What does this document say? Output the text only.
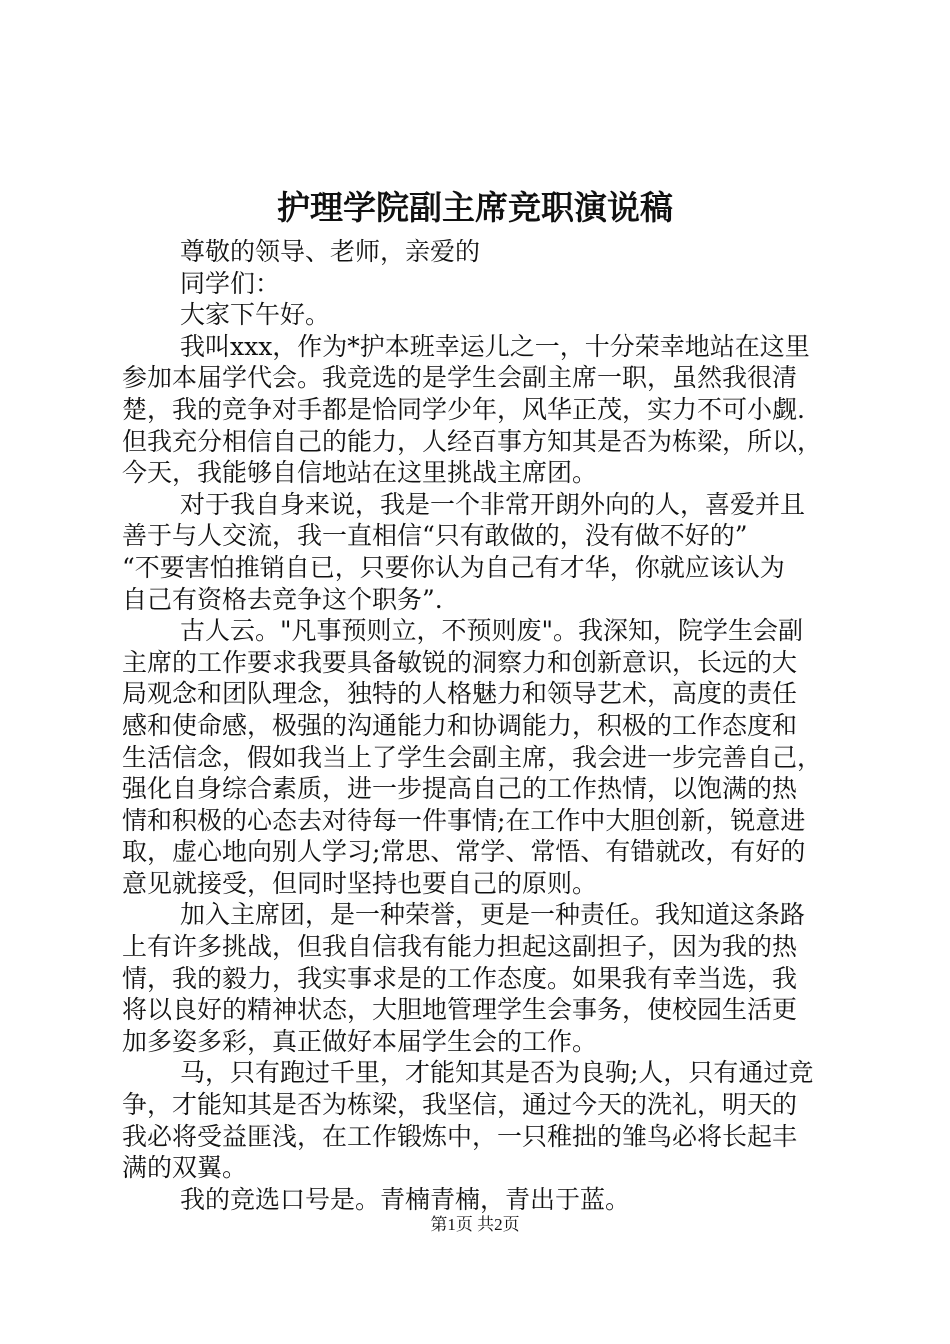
护理学院副主席竞职演说稿
尊敬的领导、老师，亲爱的
同学们：
大家下午好。
我叫xxx，作为*护本班幸运儿之一，十分荣幸地站在这里
参加本届学代会。我竞选的是学生会副主席一职，虽然我很清
楚，我的竞争对手都是恰同学少年，风华正茂，实力不可小觑.
但我充分相信自己的能力，人经百事方知其是否为栋梁，所以，
今天，我能够自信地站在这里挑战主席团。
对于我自身来说，我是一个非常开朗外向的人，喜爱并且
善于与人交流，我一直相信“只有敢做的，没有做不好的”
“不要害怕推销自已，只要你认为自己有才华，你就应该认为
自己有资格去竞争这个职务”.
古人云。"凡事预则立，不预则废"。我深知，院学生会副
主席的工作要求我要具备敏锐的洞察力和创新意识，长远的大
局观念和团队理念，独特的人格魅力和领导艺术，高度的责任
感和使命感，极强的沟通能力和协调能力，积极的工作态度和
生活信念，假如我当上了学生会副主席，我会进一步完善自己，
强化自身综合素质，进一步提高自己的工作热情，以饱满的热
情和积极的心态去对待每一件事情;在工作中大胆创新，锐意进
取，虚心地向别人学习;常思、常学、常悟、有错就改，有好的
意见就接受，但同时坚持也要自己的原则。
加入主席团，是一种荣誉，更是一种责任。我知道这条路
上有许多挑战，但我自信我有能力担起这副担子，因为我的热
情，我的毅力，我实事求是的工作态度。如果我有幸当选，我
将以良好的精神状态，大胆地管理学生会事务，使校园生活更
加多姿多彩，真正做好本届学生会的工作。
马，只有跑过千里，才能知其是否为良驹;人，只有通过竞
争，才能知其是否为栋梁，我坚信，通过今天的洗礼，明天的
我必将受益匪浅，在工作锻炼中，一只稚拙的雏鸟必将长起丰
满的双翼。
我的竞选口号是。青楠青楠，青出于蓝。
第1页 共2页
